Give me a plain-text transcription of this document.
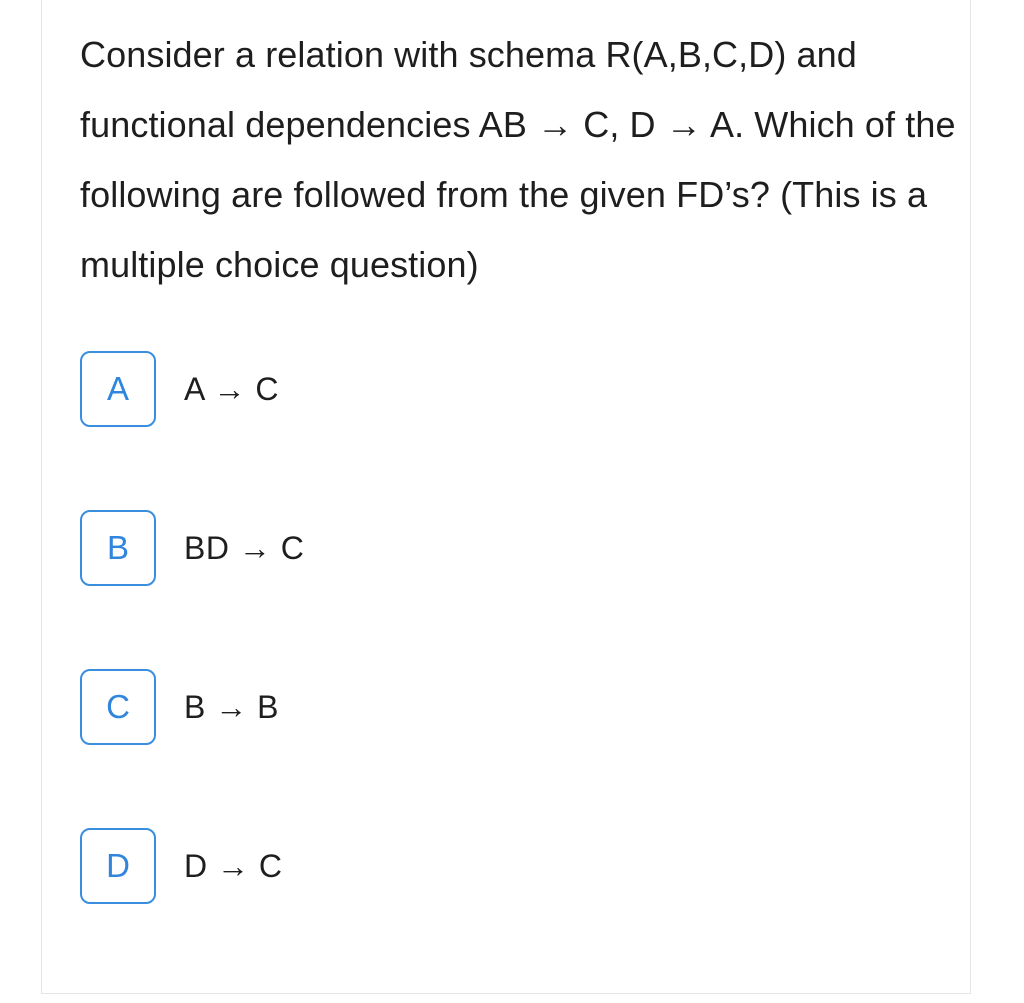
Consider a relation with schema R(A,B,C,D) and functional dependencies AB → C, D → A. Which of the following are followed from the given FD’s? (This is a multiple choice question)
A	A → C
B	BD → C
C	B → B
D	D → C
